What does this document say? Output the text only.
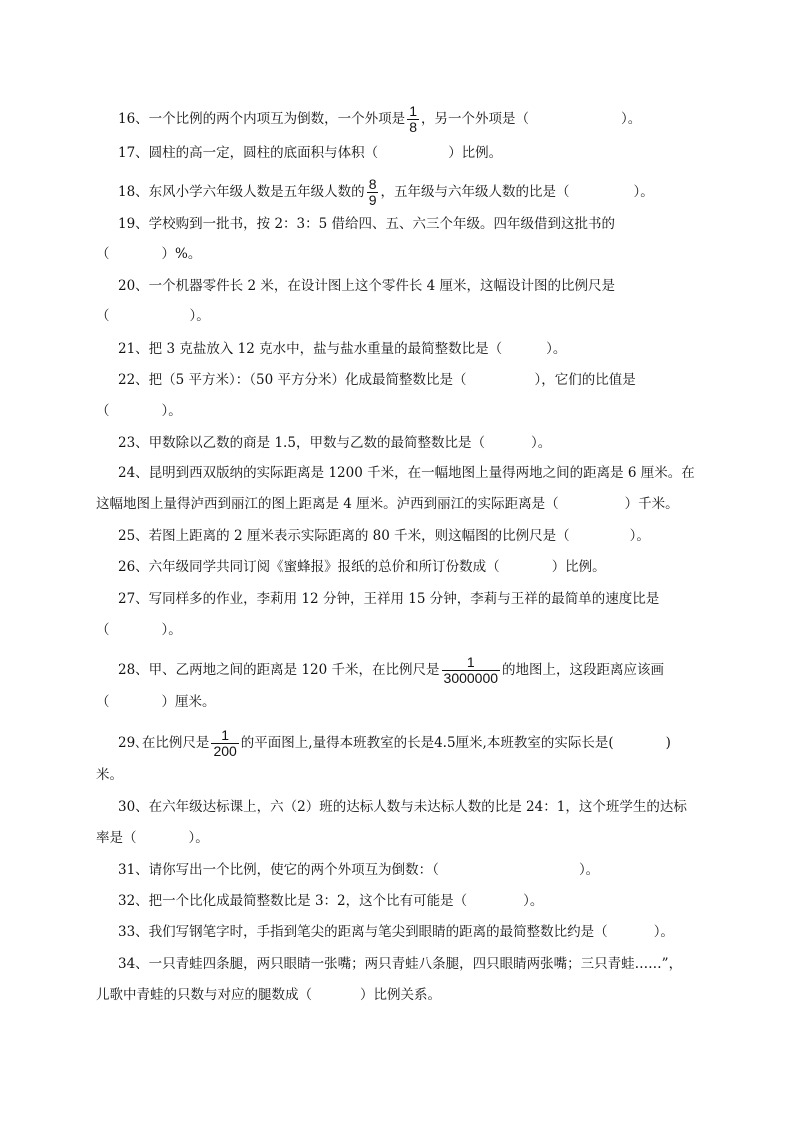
16、一个比例的两个内项互为倒数，一个外项是 $\frac{1}{8}$ ，另一个外项是（	）。
17、圆柱的高一定，圆柱的底面积与体积（	）比例。
18、东风小学六年级人数是五年级人数的 $\frac{8}{9}$ ，五年级与六年级人数的比是（	）。
19、学校购到一批书，按 2：3：5 借给四、五、六三个年级。四年级借到这批书的
（	）%。
20、一个机器零件长 2 米，在设计图上这个零件长 4 厘米，这幅设计图的比例尺是
（	）。
21、把 3 克盐放入 12 克水中，盐与盐水重量的最简整数比是（	）。
22、把（5 平方米）：（50 平方分米）化成最简整数比是（	），它们的比值是
（	）。
23、甲数除以乙数的商是 1.5，甲数与乙数的最简整数比是（	）。
24、昆明到西双版纳的实际距离是 1200 千米，在一幅地图上量得两地之间的距离是 6 厘米。在
这幅地图上量得泸西到丽江的图上距离是 4 厘米。泸西到丽江的实际距离是（	）千米。
25、若图上距离的 2 厘米表示实际距离的 80 千米，则这幅图的比例尺是（	）。
26、六年级同学共同订阅《蜜蜂报》报纸的总价和所订份数成（	）比例。
27、写同样多的作业，李莉用 12 分钟，王祥用 15 分钟，李莉与王祥的最简单的速度比是
（	）。
28、甲、乙两地之间的距离是 120 千米，在比例尺是 $\frac{1}{3000000}$ 的地图上，这段距离应该画
（	）厘米。
29､在比例尺是 $\frac{1}{200}$ 的平面图上,量得本班教室的长是4.5厘米,本班教室的实际长是(	)
米。
30、在六年级达标课上，六（2）班的达标人数与未达标人数的比是 24：1，这个班学生的达标
率是（	）。
31、请你写出一个比例，使它的两个外项互为倒数：（	）。
32、把一个比化成最简整数比是 3：2，这个比有可能是（	）。
33、我们写钢笔字时，手指到笔尖的距离与笔尖到眼睛的距离的最简整数比约是（	）。
34、一只青蛙四条腿，两只眼睛一张嘴；两只青蛙八条腿，四只眼睛两张嘴；三只青蛙……”，
儿歌中青蛙的只数与对应的腿数成（	）比例关系。
